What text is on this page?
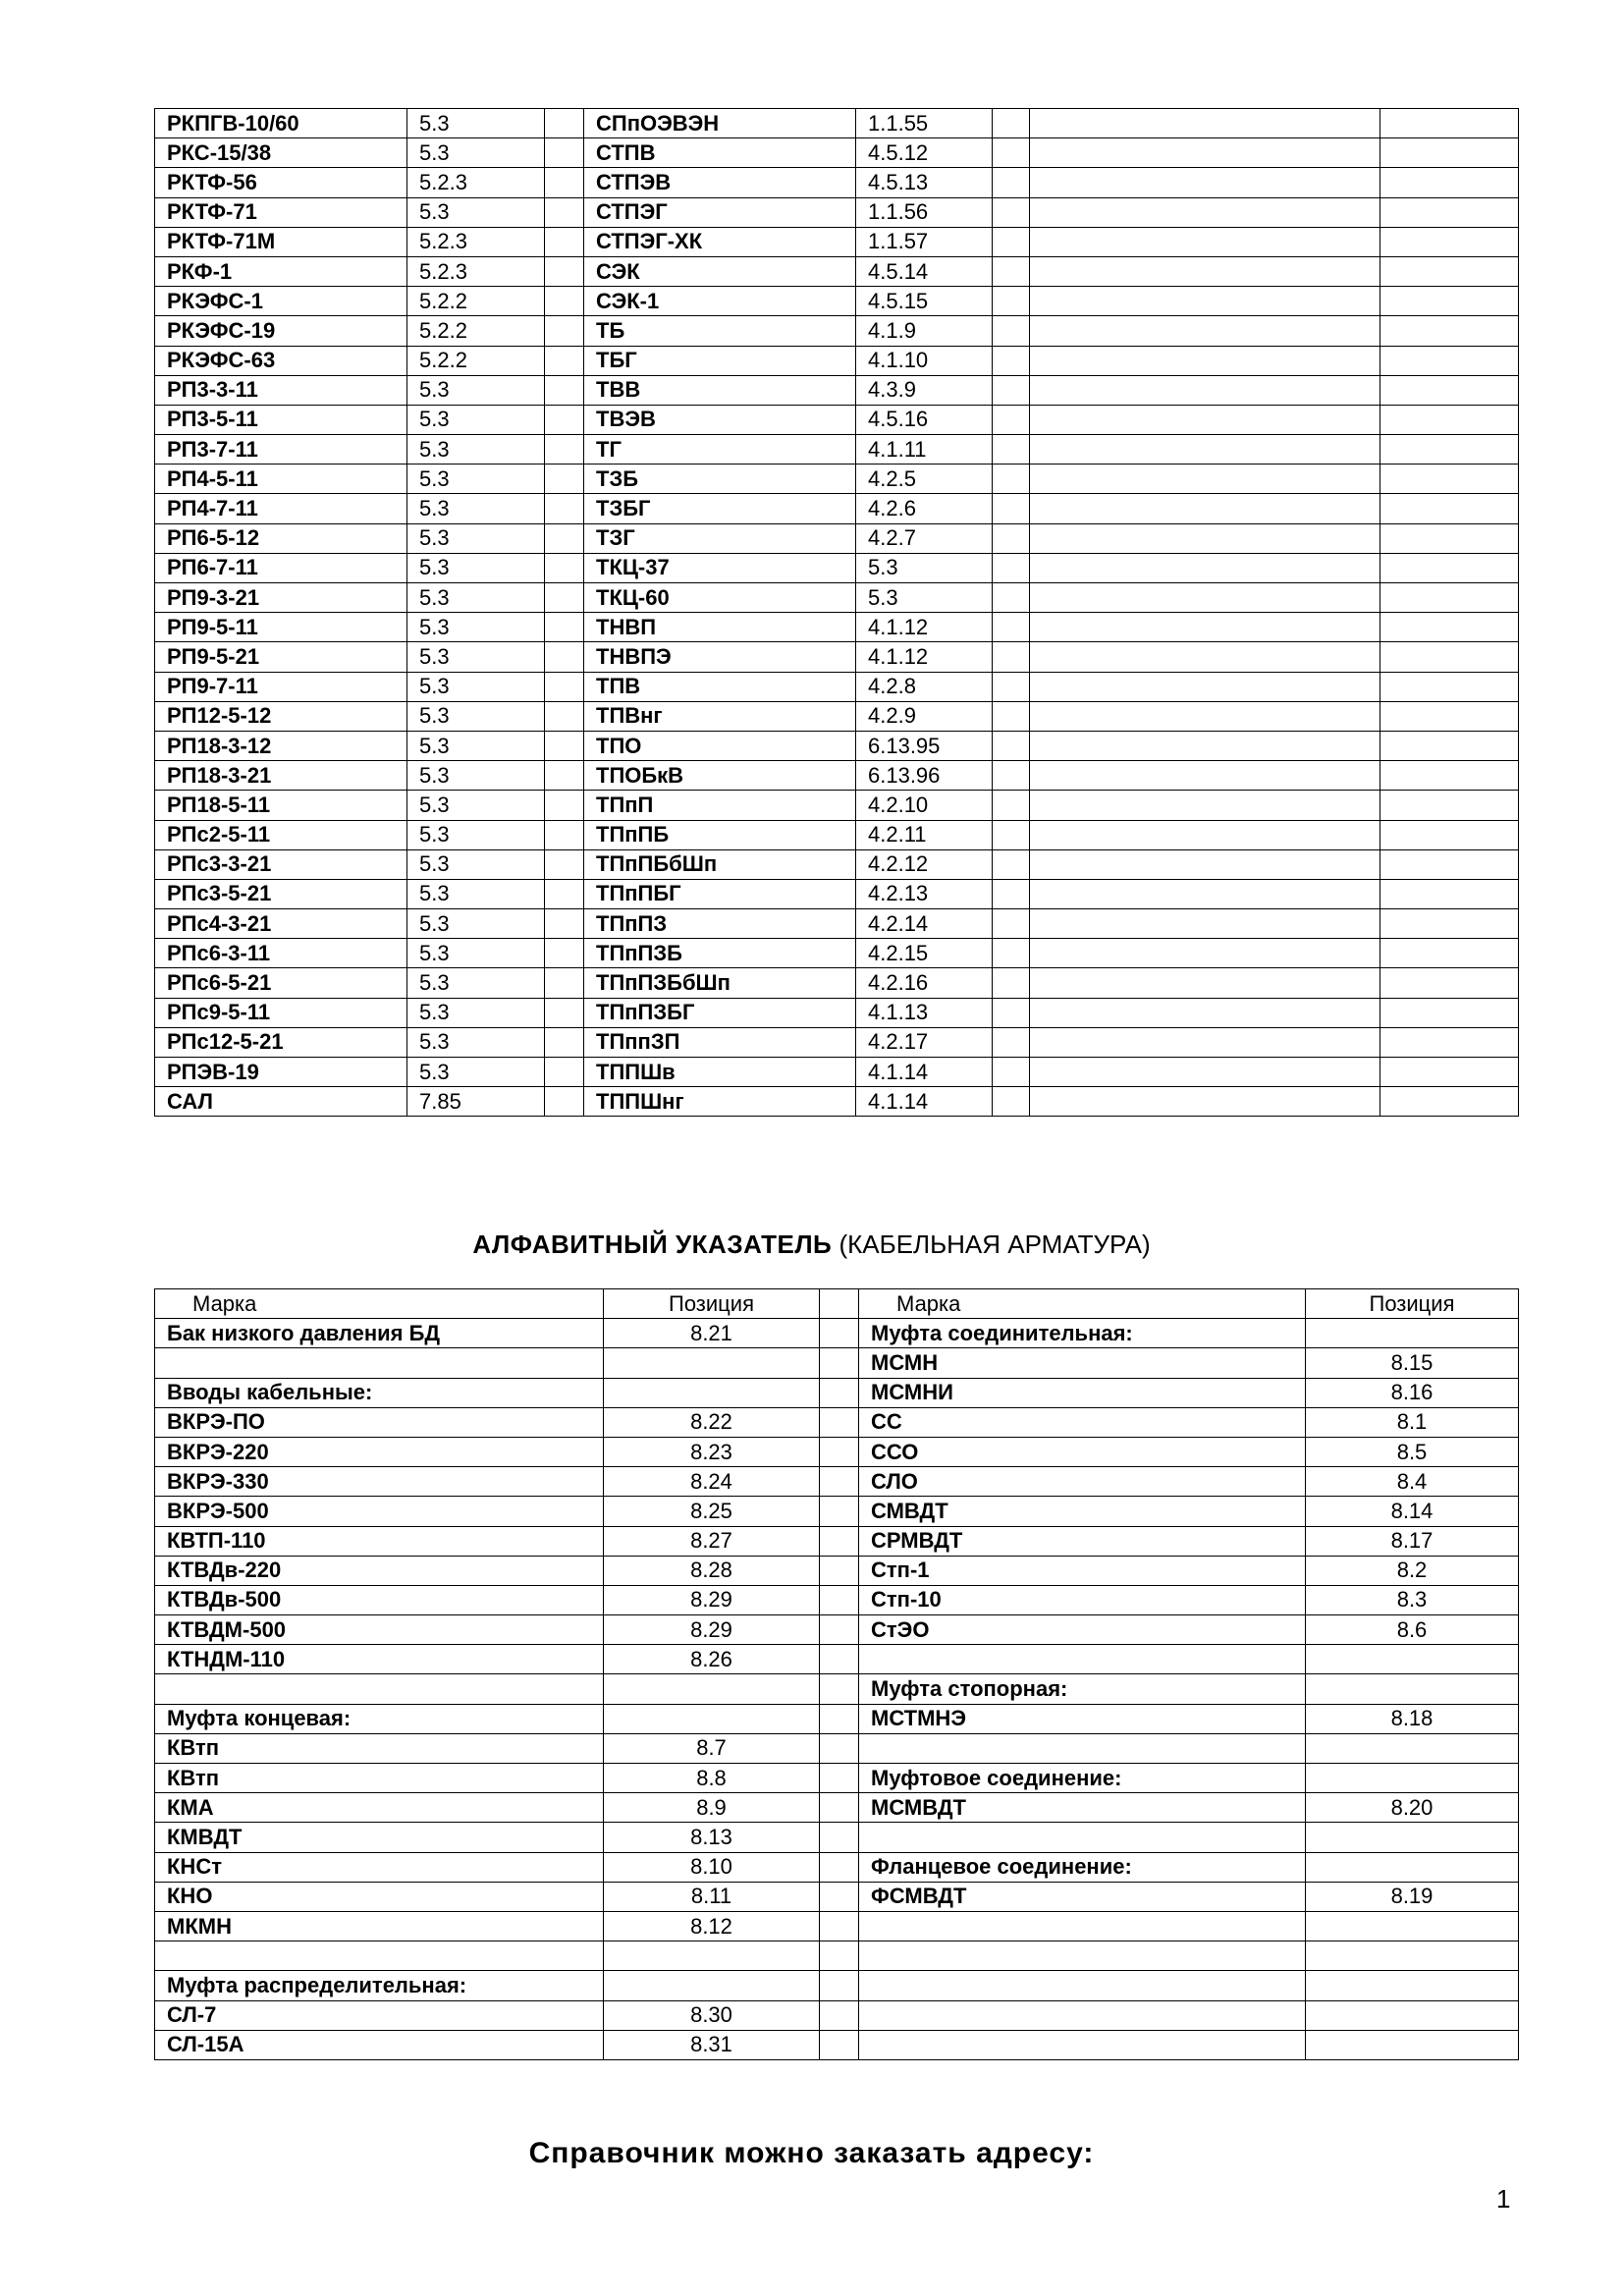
РКПГВ-10/60	5.3		СПпОЭВЭН	1.1.55			
РКС-15/38	5.3		СТПВ	4.5.12			
РКТФ-56	5.2.3		СТПЭВ	4.5.13			
РКТФ-71	5.3		СТПЭГ	1.1.56			
РКТФ-71М	5.2.3		СТПЭГ-ХК	1.1.57			
РКФ-1	5.2.3		СЭК	4.5.14			
РКЭФС-1	5.2.2		СЭК-1	4.5.15			
РКЭФС-19	5.2.2		ТБ	4.1.9			
РКЭФС-63	5.2.2		ТБГ	4.1.10			
РП3-3-11	5.3		ТВВ	4.3.9			
РП3-5-11	5.3		ТВЭВ	4.5.16			
РП3-7-11	5.3		ТГ	4.1.11			
РП4-5-11	5.3		ТЗБ	4.2.5			
РП4-7-11	5.3		ТЗБГ	4.2.6			
РП6-5-12	5.3		ТЗГ	4.2.7			
РП6-7-11	5.3		ТКЦ-37	5.3			
РП9-3-21	5.3		ТКЦ-60	5.3			
РП9-5-11	5.3		ТНВП	4.1.12			
РП9-5-21	5.3		ТНВПЭ	4.1.12			
РП9-7-11	5.3		ТПВ	4.2.8			
РП12-5-12	5.3		ТПВнг	4.2.9			
РП18-3-12	5.3		ТПО	6.13.95			
РП18-3-21	5.3		ТПОБкВ	6.13.96			
РП18-5-11	5.3		ТПпП	4.2.10			
РПс2-5-11	5.3		ТПпПБ	4.2.11			
РПс3-3-21	5.3		ТПпПБбШп	4.2.12			
РПс3-5-21	5.3		ТПпПБГ	4.2.13			
РПс4-3-21	5.3		ТПпПЗ	4.2.14			
РПс6-3-11	5.3		ТПпПЗБ	4.2.15			
РПс6-5-21	5.3		ТПпПЗБбШп	4.2.16			
РПс9-5-11	5.3		ТПпПЗБГ	4.1.13			
РПс12-5-21	5.3		ТПппЗП	4.2.17			
РПЭВ-19	5.3		ТППШв	4.1.14			
САЛ	7.85		ТППШнг	4.1.14			
АЛФАВИТНЫЙ УКАЗАТЕЛЬ (КАБЕЛЬНАЯ АРМАТУРА)
Марка	Позиция		Марка	Позиция
Бак низкого давления БД	8.21		Муфта соединительная:	
			МСМН	8.15
Вводы кабельные:			МСМНИ	8.16
ВКРЭ-ПО	8.22		СС	8.1
ВКРЭ-220	8.23		ССО	8.5
ВКРЭ-330	8.24		СЛО	8.4
ВКРЭ-500	8.25		СМВДТ	8.14
КВТП-110	8.27		СРМВДТ	8.17
КТВДв-220	8.28		Стп-1	8.2
КТВДв-500	8.29		Стп-10	8.3
КТВДМ-500	8.29		СтЭО	8.6
КТНДМ-110	8.26			
			Муфта стопорная:	
Муфта концевая:			МСТМНЭ	8.18
КВтп	8.7			
КВтп	8.8		Муфтовое соединение:	
КМА	8.9		МСМВДТ	8.20
КМВДТ	8.13			
КНСт	8.10		Фланцевое соединение:	
КНО	8.11		ФСМВДТ	8.19
МКМН	8.12			

Муфта распределительная:				
СЛ-7	8.30			
СЛ-15А	8.31			
Справочник можно заказать адресу:
1
